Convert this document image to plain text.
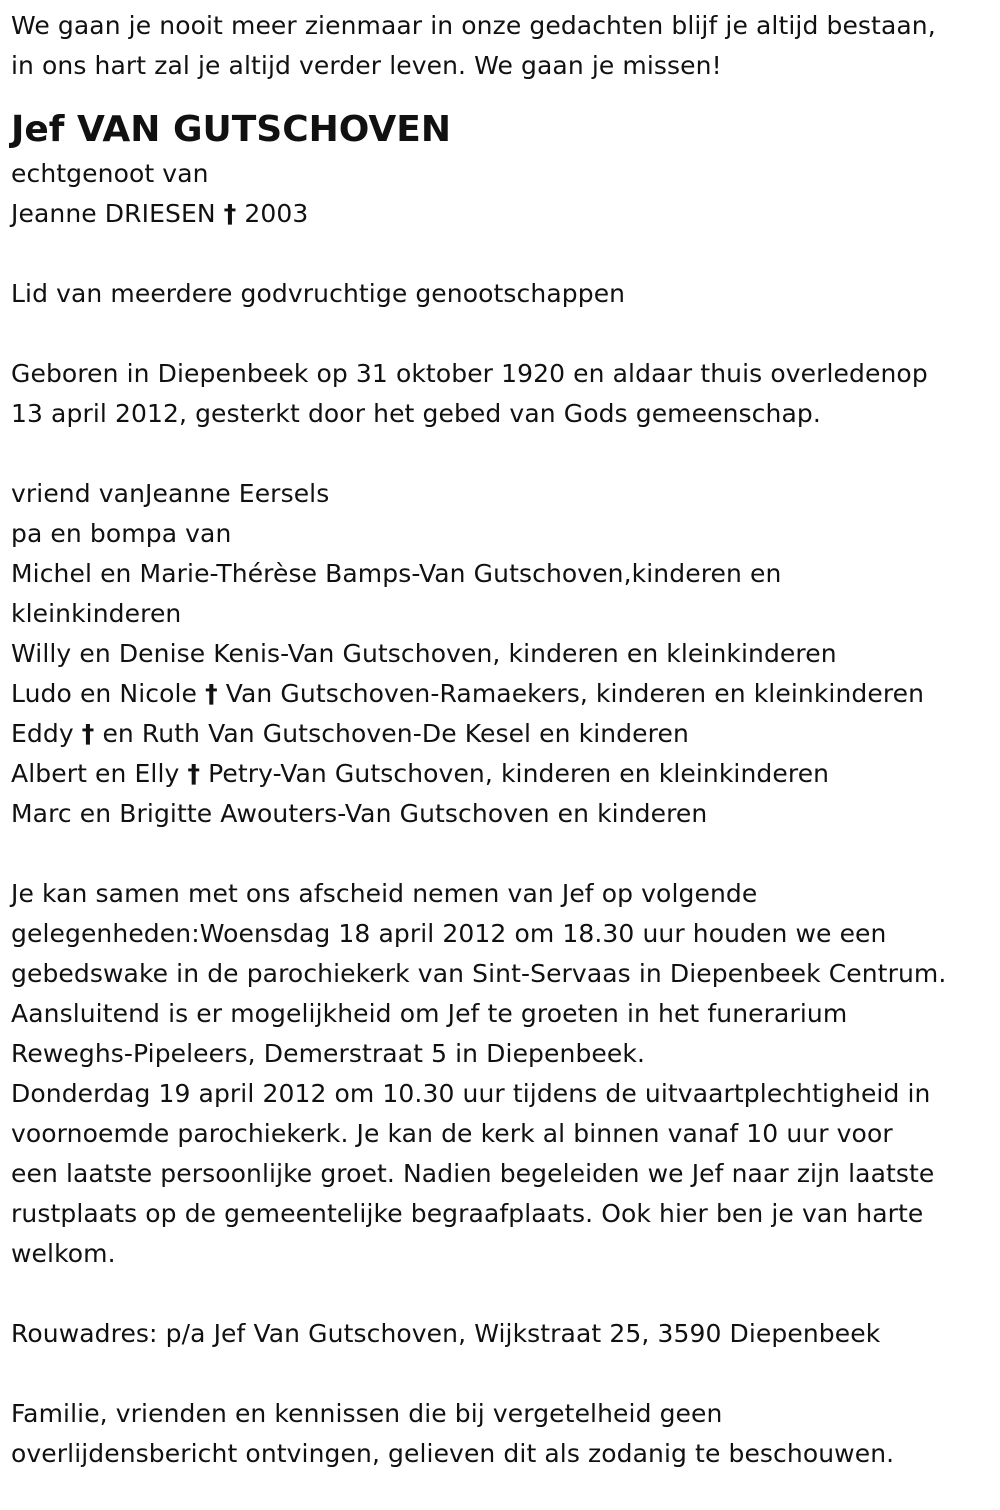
We gaan je nooit meer zienmaar in onze gedachten blijf je altijd bestaan,
in ons hart zal je altijd verder leven. We gaan je missen!
Jef VAN GUTSCHOVEN
echtgenoot van
Jeanne DRIESEN † 2003
Lid van meerdere godvruchtige genootschappen
Geboren in Diepenbeek op 31 oktober 1920 en aldaar thuis overledenop
13 april 2012, gesterkt door het gebed van Gods gemeenschap.
vriend vanJeanne Eersels
pa en bompa van
Michel en Marie-Thérèse Bamps-Van Gutschoven,kinderen en
kleinkinderen
Willy en Denise Kenis-Van Gutschoven, kinderen en kleinkinderen
Ludo en Nicole † Van Gutschoven-Ramaekers, kinderen en kleinkinderen
Eddy † en Ruth Van Gutschoven-De Kesel en kinderen
Albert en Elly † Petry-Van Gutschoven, kinderen en kleinkinderen
Marc en Brigitte Awouters-Van Gutschoven en kinderen
Je kan samen met ons afscheid nemen van Jef op volgende
gelegenheden:Woensdag 18 april 2012 om 18.30 uur houden we een
gebedswake in de parochiekerk van Sint-Servaas in Diepenbeek Centrum.
Aansluitend is er mogelijkheid om Jef te groeten in het funerarium
Reweghs-Pipeleers, Demerstraat 5 in Diepenbeek.
Donderdag 19 april 2012 om 10.30 uur tijdens de uitvaartplechtigheid in
voornoemde parochiekerk. Je kan de kerk al binnen vanaf 10 uur voor
een laatste persoonlijke groet. Nadien begeleiden we Jef naar zijn laatste
rustplaats op de gemeentelijke begraafplaats. Ook hier ben je van harte
welkom.
Rouwadres: p/a Jef Van Gutschoven, Wijkstraat 25, 3590 Diepenbeek
Familie, vrienden en kennissen die bij vergetelheid geen
overlijdensbericht ontvingen, gelieven dit als zodanig te beschouwen.
